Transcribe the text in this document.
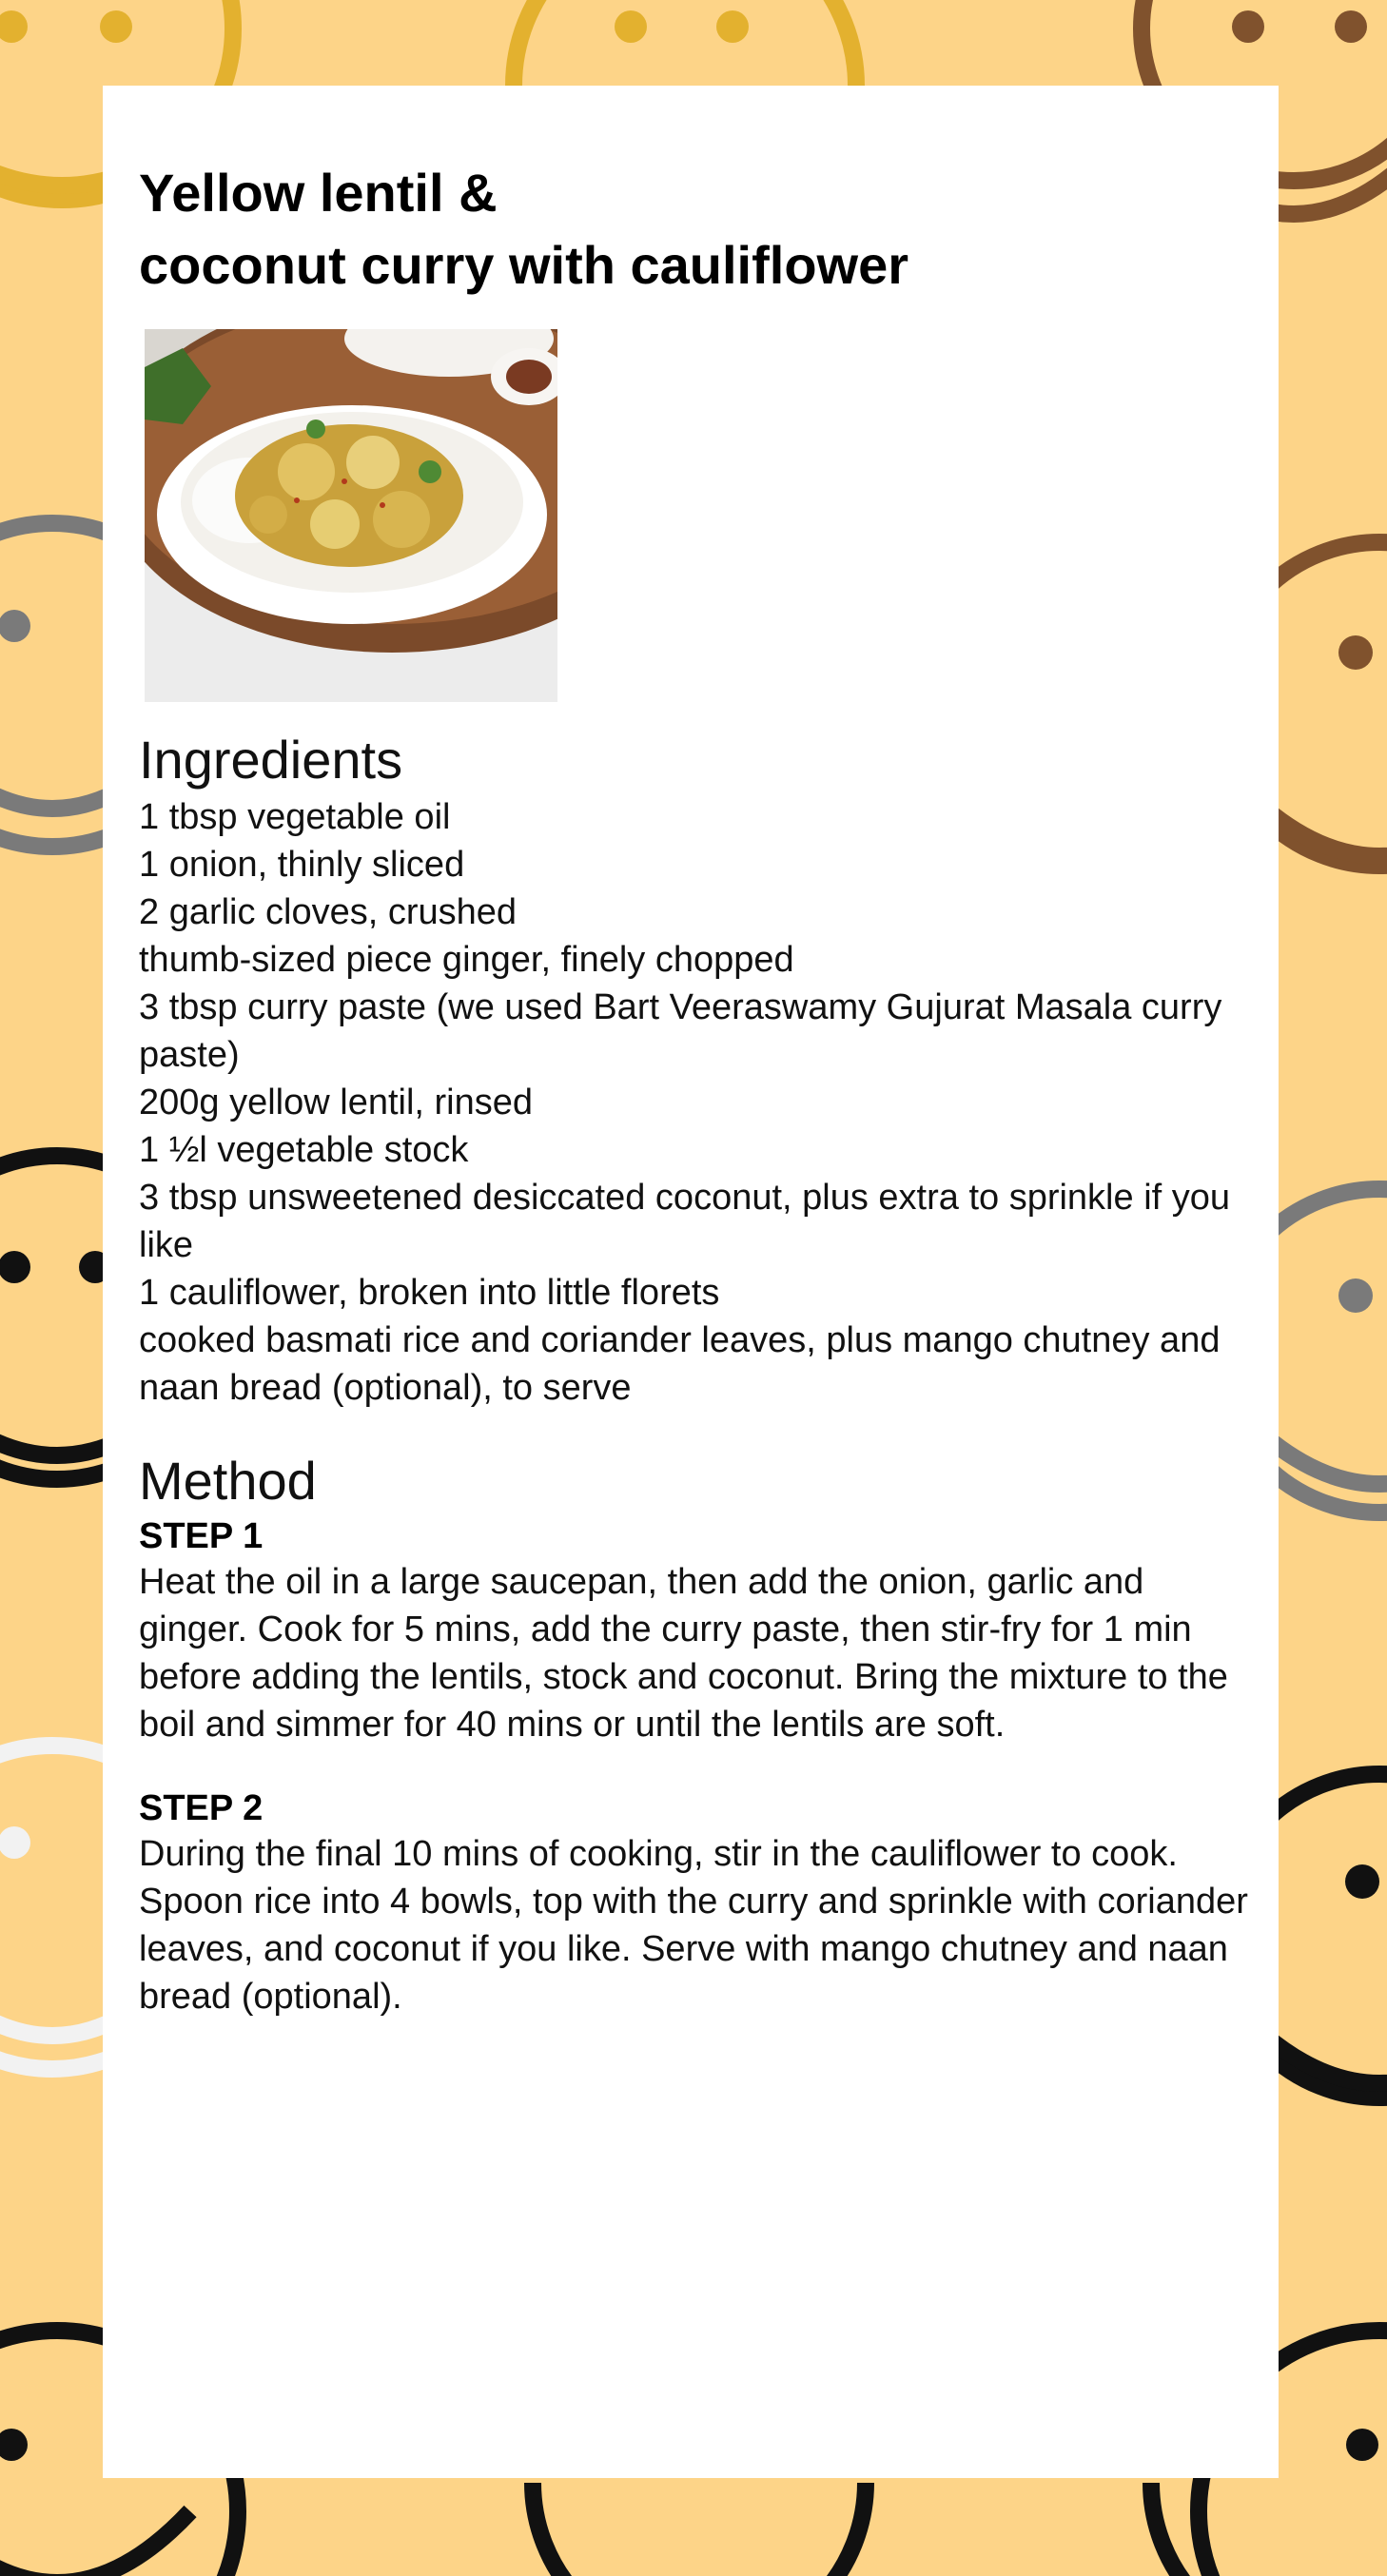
Yellow lentil &
coconut curry with cauliflower
Ingredients
1 tbsp vegetable oil
1 onion, thinly sliced
2 garlic cloves, crushed
thumb-sized piece ginger, finely chopped
3 tbsp curry paste (we used Bart Veeraswamy Gujurat Masala curry paste)
200g yellow lentil, rinsed
1 ½l vegetable stock
3 tbsp unsweetened desiccated coconut, plus extra to sprinkle if you like
1 cauliflower, broken into little florets
cooked basmati rice and coriander leaves, plus mango chutney and naan bread (optional), to serve
Method

STEP 1

Heat the oil in a large saucepan, then add the onion, garlic and ginger. Cook for 5 mins, add the curry paste, then stir-fry for 1 min before adding the lentils, stock and coconut. Bring the mixture to the boil and simmer for 40 mins or until the lentils are soft.

STEP 2

During the final 10 mins of cooking, stir in the cauliflower to cook. Spoon rice into 4 bowls, top with the curry and sprinkle with coriander leaves, and coconut if you like. Serve with mango chutney and naan bread (optional).
